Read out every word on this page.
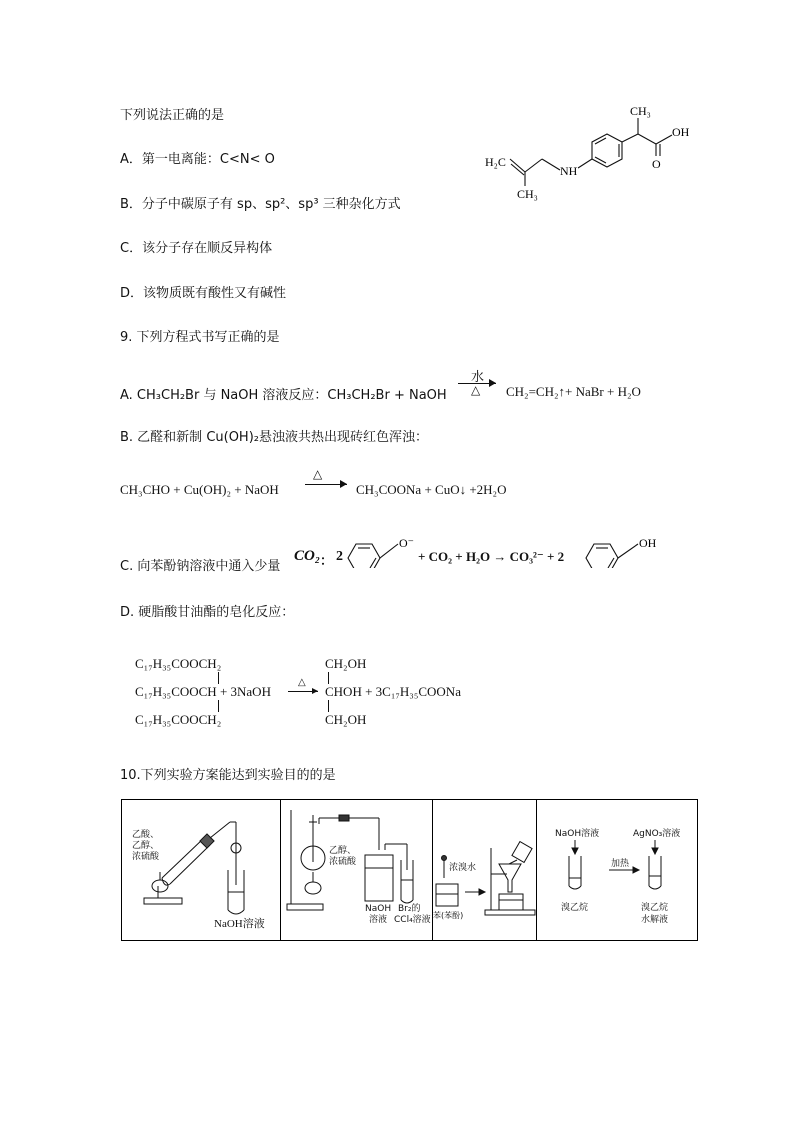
下列说法正确的是
A．第一电离能：C<N< O
B．分子中碳原子有 sp、sp²、sp³ 三种杂化方式
C．该分子存在顺反异构体
D．该物质既有酸性又有碱性
CH₃
OH
O
H₂C
NH
CH₃
9. 下列方程式书写正确的是
A. CH₃CH₂Br 与 NaOH 溶液反应：CH₃CH₂Br + NaOH
水
△ CH₂=CH₂↑+ NaBr + H₂O
B. 乙醛和新制 Cu(OH)₂悬浊液共热出现砖红色浑浊：
CH₃CHO + Cu(OH)₂ + NaOH
△
CH₃COONa + CuO↓ +2H₂O
C. 向苯酚钠溶液中通入少量
CO₂ ： 2
O⁻
+ CO₂ + H₂O → CO₃²⁻ + 2
OH
D. 硬脂酸甘油酯的皂化反应：
C₁₇H₃₅COOCH₂
C₁₇H₃₅COOCH + 3NaOH
C₁₇H₃₅COOCH₂
△
CH₂OH
CHOH + 3C₁₇H₃₅COONa
CH₂OH
10.下列实验方案能达到实验目的的是
乙酸、
乙醇、
浓硫酸
NaOH溶液
乙醇、
浓硫酸
NaOH
溶液
Br₂的
CCl₄溶液
浓溴水
苯(苯酚)
NaOH溶液
加热
AgNO₃溶液
溴乙烷	溴乙烷
水解液
